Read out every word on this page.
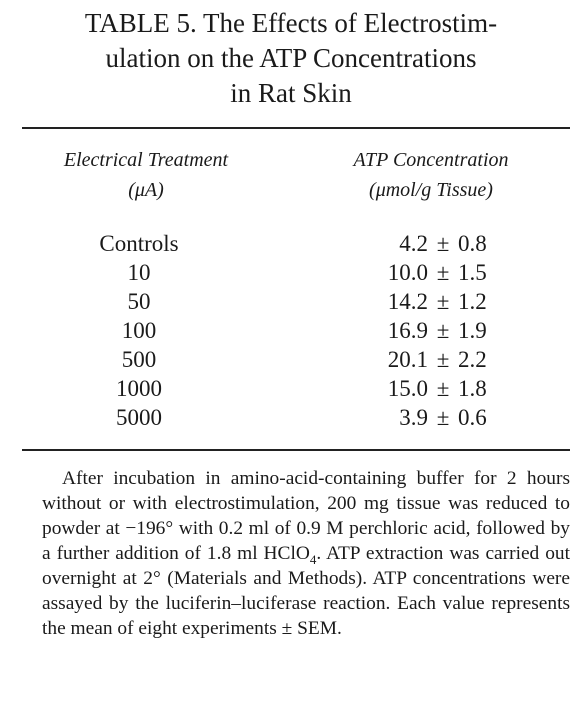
TABLE 5. The Effects of Electrostim-
ulation on the ATP Concentrations
in Rat Skin
Electrical Treatment
(μA)
ATP Concentration
(μmol/g Tissue)
Controls	4.2 ± 0.8
10	10.0 ± 1.5
50	14.2 ± 1.2
100	16.9 ± 1.9
500	20.1 ± 2.2
1000	15.0 ± 1.8
5000	3.9 ± 0.6

After incubation in amino-acid-containing buffer for 2 hours without or with electrostimulation, 200 mg tissue was reduced to powder at −196° with 0.2 ml of 0.9 M perchloric acid, followed by a further addition of 1.8 ml HClO$_4$. ATP extraction was carried out overnight at 2° (Materials and Methods). ATP concentrations were assayed by the luciferin–luciferase reaction. Each value represents the mean of eight experiments ± SEM.
